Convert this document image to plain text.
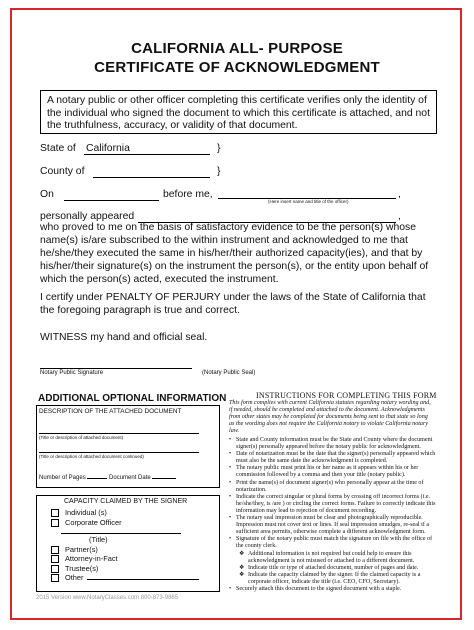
CALIFORNIA ALL- PURPOSE
CERTIFICATE OF ACKNOWLEDGMENT
A notary public or other officer completing this certificate verifies only the identity of the individual who signed the document to which this certificate is attached, and not the truthfulness, accuracy, or validity of that document.
State of California	}
County of	}
On	before me,	,
(Here insert name and title of the officer)
personally appeared	,
who proved to me on the basis of satisfactory evidence to be the person(s) whose
name(s) is/are subscribed to the within instrument and acknowledged to me that
he/she/they executed the same in his/her/their authorized capacity(ies), and that by
his/her/their signature(s) on the instrument the person(s), or the entity upon behalf of
which the person(s) acted, executed the instrument.
I certify under PENALTY OF PERJURY under the laws of the State of California that
the foregoing paragraph is true and correct.
WITNESS my hand and official seal.
Notary Public Signature	(Notary Public Seal)
ADDITIONAL OPTIONAL INFORMATION
DESCRIPTION OF THE ATTACHED DOCUMENT
(Title or description of attached document)
(Title or description of attached document continued)
Number of Pages	Document Date
CAPACITY CLAIMED BY THE SIGNER
Individual (s)
Corporate Officer
(Title)
Partner(s)
Attorney-in-Fact
Trustee(s)
Other
INSTRUCTIONS FOR COMPLETING THIS FORM
This form complies with current California statutes regarding notary wording and,
if needed, should be completed and attached to the document. Acknowledgments
from other states may be completed for documents being sent to that state so long
as the wording does not require the California notary to violate California notary
law.
• State and County information must be the State and County where the document
signer(s) personally appeared before the notary public for acknowledgment.
• Date of notarization must be the date that the signer(s) personally appeared which
must also be the same date the acknowledgment is completed.
• The notary public must print his or her name as it appears within his or her
commission followed by a comma and then your title (notary public).
• Print the name(s) of document signer(s) who personally appear at the time of
notarization.
• Indicate the correct singular or plural forms by crossing off incorrect forms (i.e.
he/she/they, is /are ) or circling the correct forms. Failure to correctly indicate this
information may lead to rejection of document recording.
• The notary seal impression must be clear and photographically reproducible.
Impression must not cover text or lines. If seal impression smudges, re-seal if a
sufficient area permits, otherwise complete a different acknowledgment form.
• Signature of the notary public must match the signature on file with the office of
the county clerk.
❖ Additional information is not required but could help to ensure this
acknowledgment is not misused or attached to a different document.
❖ Indicate title or type of attached document, number of pages and date.
❖ Indicate the capacity claimed by the signer. If the claimed capacity is a
corporate officer, indicate the title (i.e. CEO, CFO, Secretary).
• Securely attach this document to the signed document with a staple.
2015 Version www.NotaryClasses.com 800-873-9865
